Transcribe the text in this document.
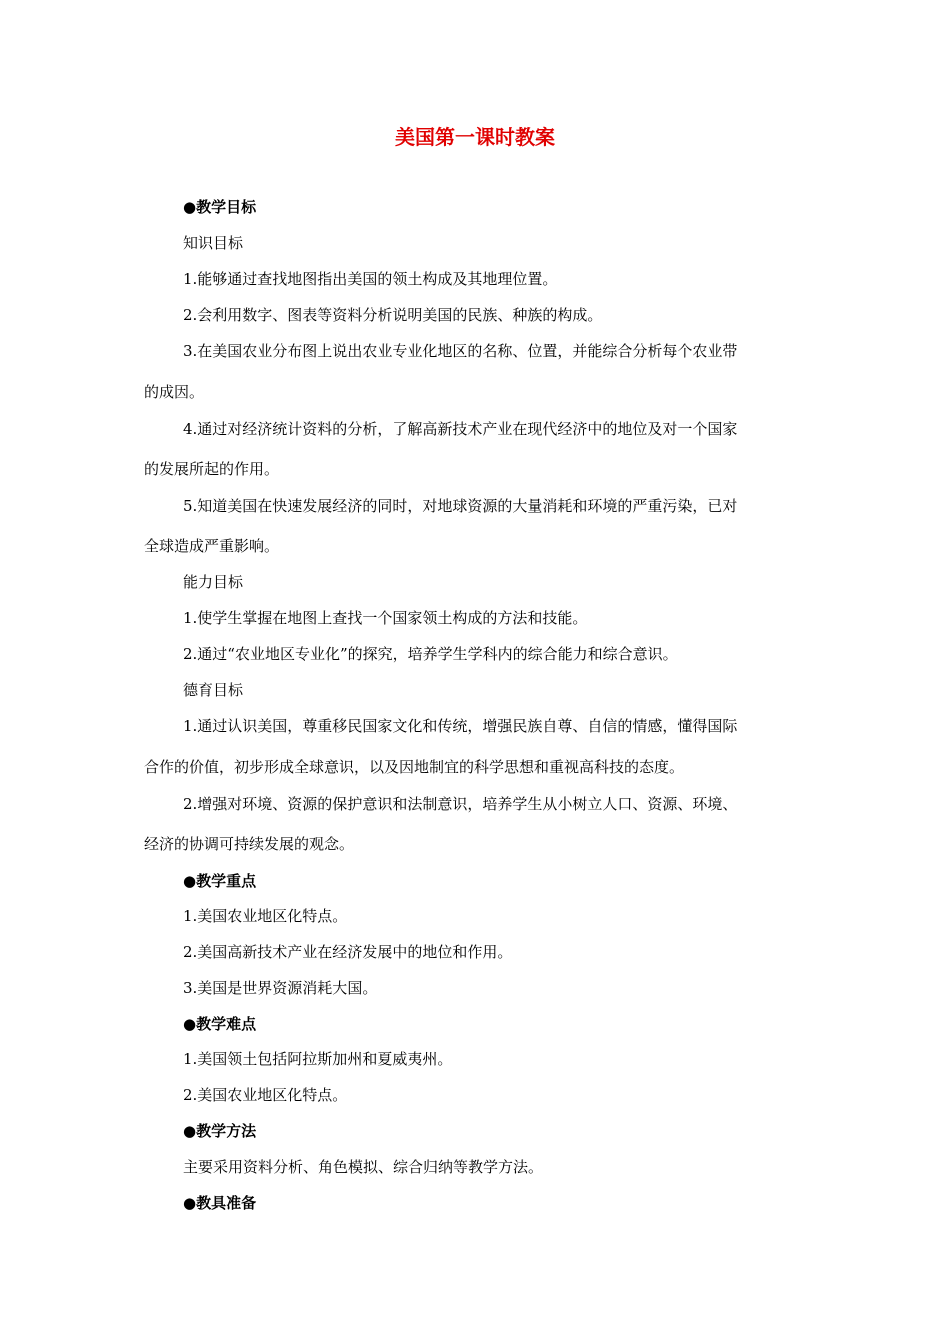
美国第一课时教案
●教学目标
知识目标
1.能够通过查找地图指出美国的领土构成及其地理位置。
2.会利用数字、图表等资料分析说明美国的民族、种族的构成。
3.在美国农业分布图上说出农业专业化地区的名称、位置，并能综合分析每个农业带
的成因。
4.通过对经济统计资料的分析，了解高新技术产业在现代经济中的地位及对一个国家
的发展所起的作用。
5.知道美国在快速发展经济的同时，对地球资源的大量消耗和环境的严重污染，已对
全球造成严重影响。
能力目标
1.使学生掌握在地图上查找一个国家领土构成的方法和技能。
2.通过“农业地区专业化”的探究，培养学生学科内的综合能力和综合意识。
德育目标
1.通过认识美国，尊重移民国家文化和传统，增强民族自尊、自信的情感，懂得国际
合作的价值，初步形成全球意识，以及因地制宜的科学思想和重视高科技的态度。
2.增强对环境、资源的保护意识和法制意识，培养学生从小树立人口、资源、环境、
经济的协调可持续发展的观念。
●教学重点
1.美国农业地区化特点。
2.美国高新技术产业在经济发展中的地位和作用。
3.美国是世界资源消耗大国。
●教学难点
1.美国领土包括阿拉斯加州和夏威夷州。
2.美国农业地区化特点。
●教学方法
主要采用资料分析、角色模拟、综合归纳等教学方法。
●教具准备
